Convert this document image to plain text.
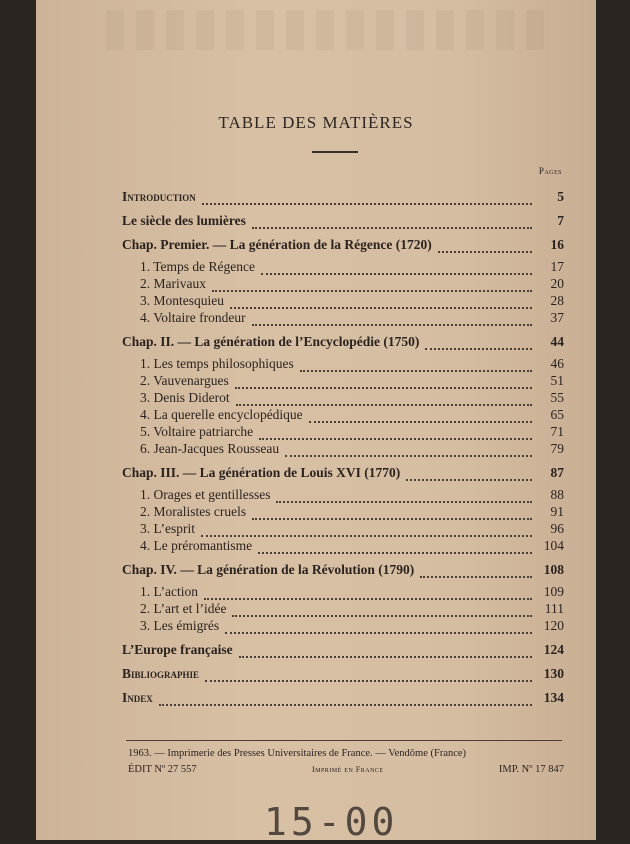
TABLE DES MATIÈRES
Pages
Introduction	5
Le siècle des lumières	7
Chap. Premier. — La génération de la Régence (1720)	16
1. Temps de Régence	17
2. Marivaux	20
3. Montesquieu	28
4. Voltaire frondeur	37
Chap. II. — La génération de l’Encyclopédie (1750)	44
1. Les temps philosophiques	46
2. Vauvenargues	51
3. Denis Diderot	55
4. La querelle encyclopédique	65
5. Voltaire patriarche	71
6. Jean-Jacques Rousseau	79
Chap. III. — La génération de Louis XVI (1770)	87
1. Orages et gentillesses	88
2. Moralistes cruels	91
3. L’esprit	96
4. Le préromantisme	104
Chap. IV. — La génération de la Révolution (1790)	108
1. L’action	109
2. L’art et l’idée	111
3. Les émigrés	120
L’Europe française	124
Bibliographie	130
Index	134
1963. — Imprimerie des Presses Universitaires de France. — Vendôme (France)
ÉDIT Nº 27 557	Imprimé en France	IMP. Nº 17 847
15-00
